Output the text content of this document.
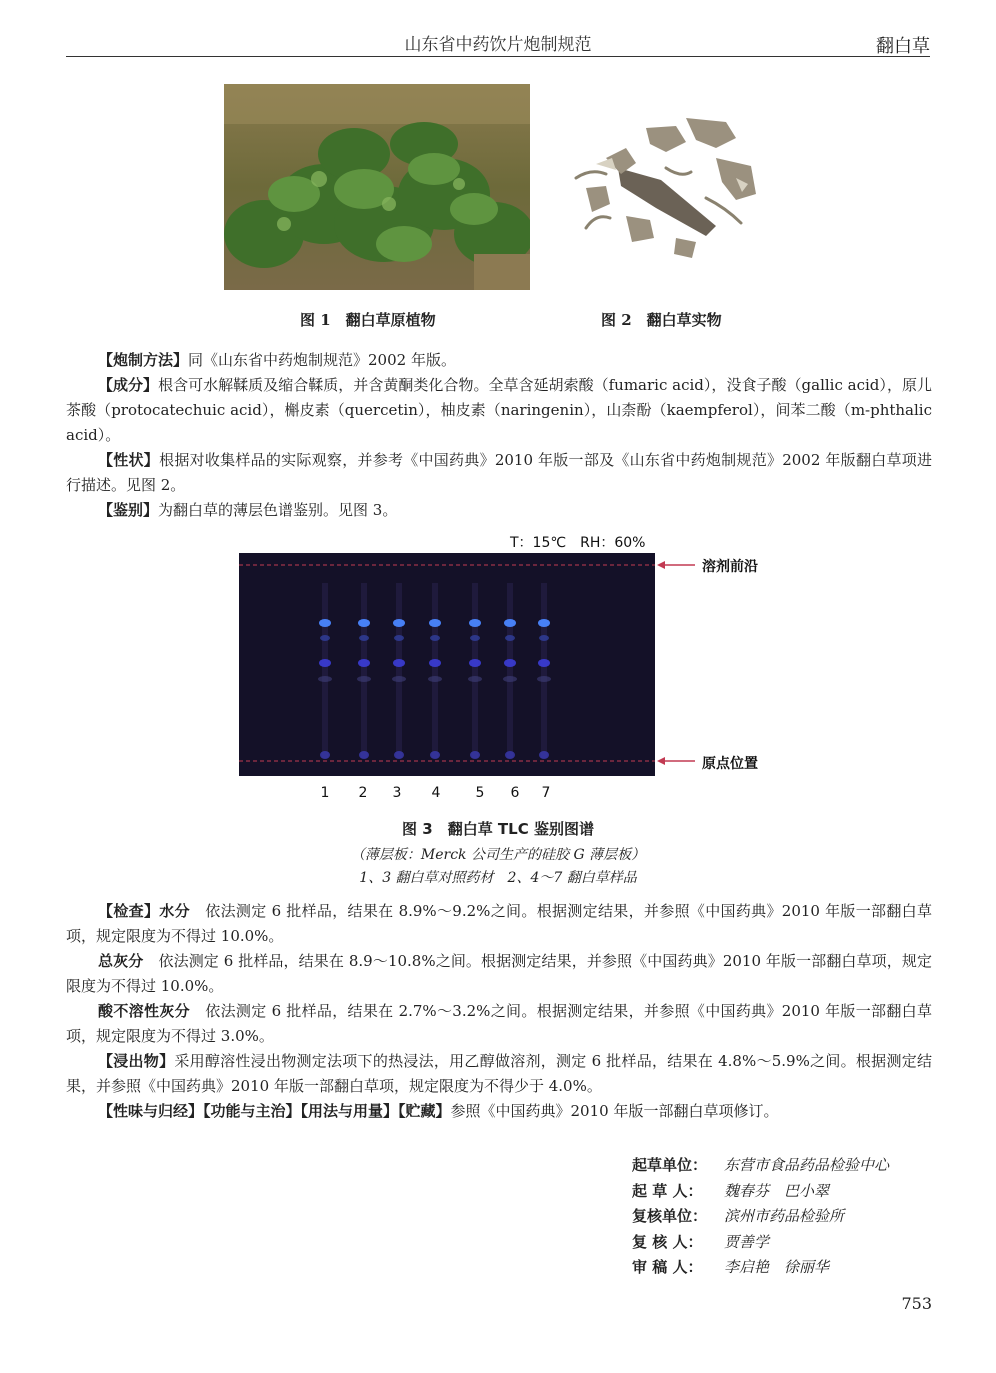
山东省中药饮片炮制规范	翻白草
图 1　翻白草原植物	图 2　翻白草实物

【炮制方法】同《山东省中药炮制规范》2002 年版。

【成分】根含可水解鞣质及缩合鞣质，并含黄酮类化合物。全草含延胡索酸（fumaric acid），没食子酸（gallic acid），原儿茶酸（protocatechuic acid），槲皮素（quercetin），柚皮素（naringenin），山柰酚（kaempferol），间苯二酸（m-phthalic acid）。

【性状】根据对收集样品的实际观察，并参考《中国药典》2010 年版一部及《山东省中药炮制规范》2002 年版翻白草项进行描述。见图 2。

【鉴别】为翻白草的薄层色谱鉴别。见图 3。

T：15℃　RH：60%
溶剂前沿
原点位置
1	2	3	4	5	6	7
图 3　翻白草 TLC 鉴别图谱
（薄层板：Merck 公司生产的硅胶 G 薄层板）
1、3 翻白草对照药材　2、4～7 翻白草样品

【检查】水分　 依法测定 6 批样品，结果在 8.9%～9.2%之间。根据测定结果，并参照《中国药典》2010 年版一部翻白草项，规定限度为不得过 10.0%。

总灰分　 依法测定 6 批样品，结果在 8.9～10.8%之间。根据测定结果，并参照《中国药典》2010 年版一部翻白草项，规定限度为不得过 10.0%。

酸不溶性灰分　 依法测定 6 批样品，结果在 2.7%～3.2%之间。根据测定结果，并参照《中国药典》2010 年版一部翻白草项，规定限度为不得过 3.0%。

【浸出物】采用醇溶性浸出物测定法项下的热浸法，用乙醇做溶剂，测定 6 批样品，结果在 4.8%～5.9%之间。根据测定结果，并参照《中国药典》2010 年版一部翻白草项，规定限度为不得少于 4.0%。

【性味与归经】【功能与主治】【用法与用量】【贮藏】参照《中国药典》2010 年版一部翻白草项修订。

起草单位： 东营市食品药品检验中心
起 草 人： 魏春芬　巴小翠
复核单位： 滨州市药品检验所
复 核 人： 贾善学
审 稿 人： 李启艳　徐丽华
753
